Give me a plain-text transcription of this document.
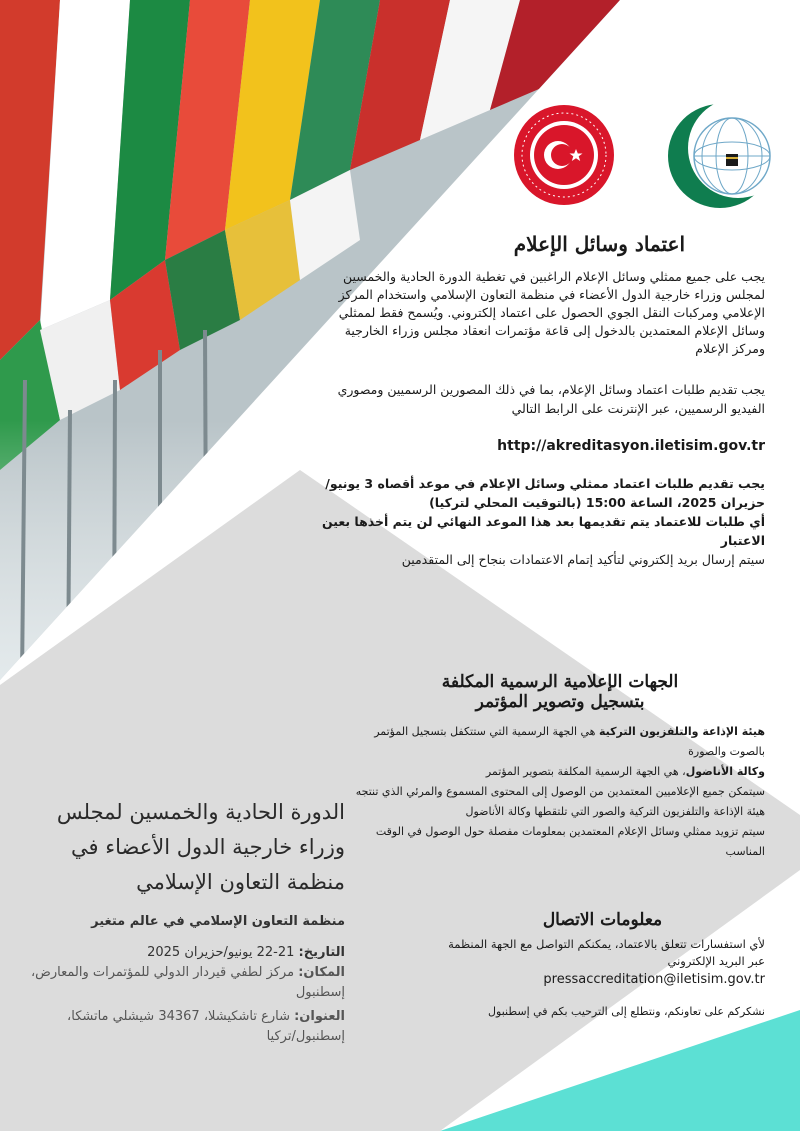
اعتماد وسائل الإعلام

يجب على جميع ممثلي وسائل الإعلام الراغبين في تغطية الدورة الحادية والخمسين لمجلس وزراء خارجية الدول الأعضاء في منظمة التعاون الإسلامي واستخدام المركز الإعلامي ومركبات النقل الجوي الحصول على اعتماد إلكتروني. ويُسمح فقط لممثلي وسائل الإعلام المعتمدين بالدخول إلى قاعة مؤتمرات انعقاد مجلس وزراء الخارجية ومركز الإعلام

يجب تقديم طلبات اعتماد وسائل الإعلام، بما في ذلك المصورين الرسميين ومصوري الفيديو الرسميين، عبر الإنترنت على الرابط التالي

http://akreditasyon.iletisim.gov.tr

يجب تقديم طلبات اعتماد ممثلي وسائل الإعلام في موعد أقصاه 3 يونيو/ حزيران 2025، الساعة 15:00 (بالتوقيت المحلي لتركيا)

أي طلبات للاعتماد يتم تقديمها بعد هذا الموعد النهائي لن يتم أخذها بعين الاعتبار

سيتم إرسال بريد إلكتروني لتأكيد إتمام الاعتمادات بنجاح إلى المتقدمين

الجهات الإعلامية الرسمية المكلفة
بتسجيل وتصوير المؤتمر

هيئة الإذاعة والتلفزيون التركية هي الجهة الرسمية التي ستتكفل بتسجيل المؤتمر بالصوت والصورة

وكالة الأناضول، هي الجهة الرسمية المكلفة بتصوير المؤتمر

سيتمكن جميع الإعلاميين المعتمدين من الوصول إلى المحتوى المسموع والمرئي الذي تنتجه هيئة الإذاعة والتلفزيون التركية والصور التي تلتقطها وكالة الأناضول

سيتم تزويد ممثلي وسائل الإعلام المعتمدين بمعلومات مفصلة حول الوصول في الوقت المناسب

معلومات الاتصال

لأي استفسارات تتعلق بالاعتماد، يمكنكم التواصل مع الجهة المنظمة عبر البريد الإلكتروني

pressaccreditation@iletisim.gov.tr

نشكركم على تعاونكم، ونتطلع إلى الترحيب بكم في إسطنبول

الدورة الحادية والخمسين لمجلس وزراء خارجية الدول الأعضاء في منظمة التعاون الإسلامي
منظمة التعاون الإسلامي في عالم متغير

التاريخ: 21-22 يونيو/حزيران 2025

المكان: مركز لطفي قيردار الدولي للمؤتمرات والمعارض، إسطنبول

العنوان: شارع تاشكيشلا، 34367 شيشلي ماتشكا، إسطنبول/تركيا
